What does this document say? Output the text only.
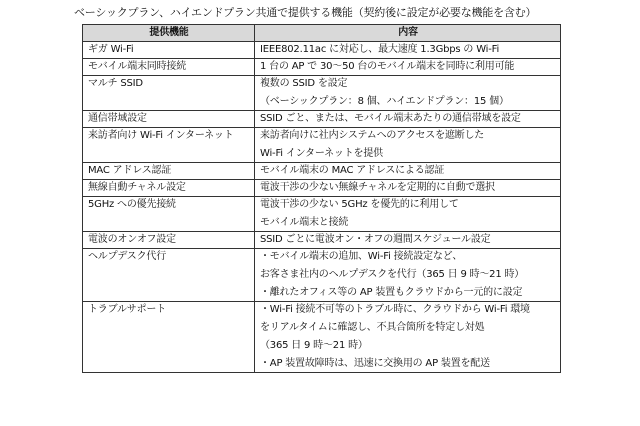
ベーシックプラン、ハイエンドプラン共通で提供する機能（契約後に設定が必要な機能を含む）
提供機能	内容
ギガ Wi-Fi	IEEE802.11ac に対応し、最大速度 1.3Gbps の Wi-Fi

モバイル端末同時接続	1 台の AP で 30～50 台のモバイル端末を同時に利用可能

マルチ SSID	複数の SSID を設定
（ベーシックプラン：8 個、ハイエンドプラン：15 個）

通信帯域設定	SSID ごと、または、モバイル端末あたりの通信帯域を設定

来訪者向け Wi-Fi インターネット	来訪者向けに社内システムへのアクセスを遮断した
Wi-Fi インターネットを提供

MAC アドレス認証	モバイル端末の MAC アドレスによる認証

無線自動チャネル設定	電波干渉の少ない無線チャネルを定期的に自動で選択

5GHz への優先接続	電波干渉の少ない 5GHz を優先的に利用して
モバイル端末と接続

電波のオンオフ設定	SSID ごとに電波オン・オフの週間スケジュール設定

ヘルプデスク代行	・モバイル端末の追加、Wi-Fi 接続設定など、
お客さま社内のヘルプデスクを代行（365 日 9 時～21 時）
・離れたオフィス等の AP 装置もクラウドから一元的に設定

トラブルサポート	・Wi-Fi 接続不可等のトラブル時に、クラウドから Wi-Fi 環境
をリアルタイムに確認し、不具合箇所を特定し対処
（365 日 9 時～21 時）
・AP 装置故障時は、迅速に交換用の AP 装置を配送
